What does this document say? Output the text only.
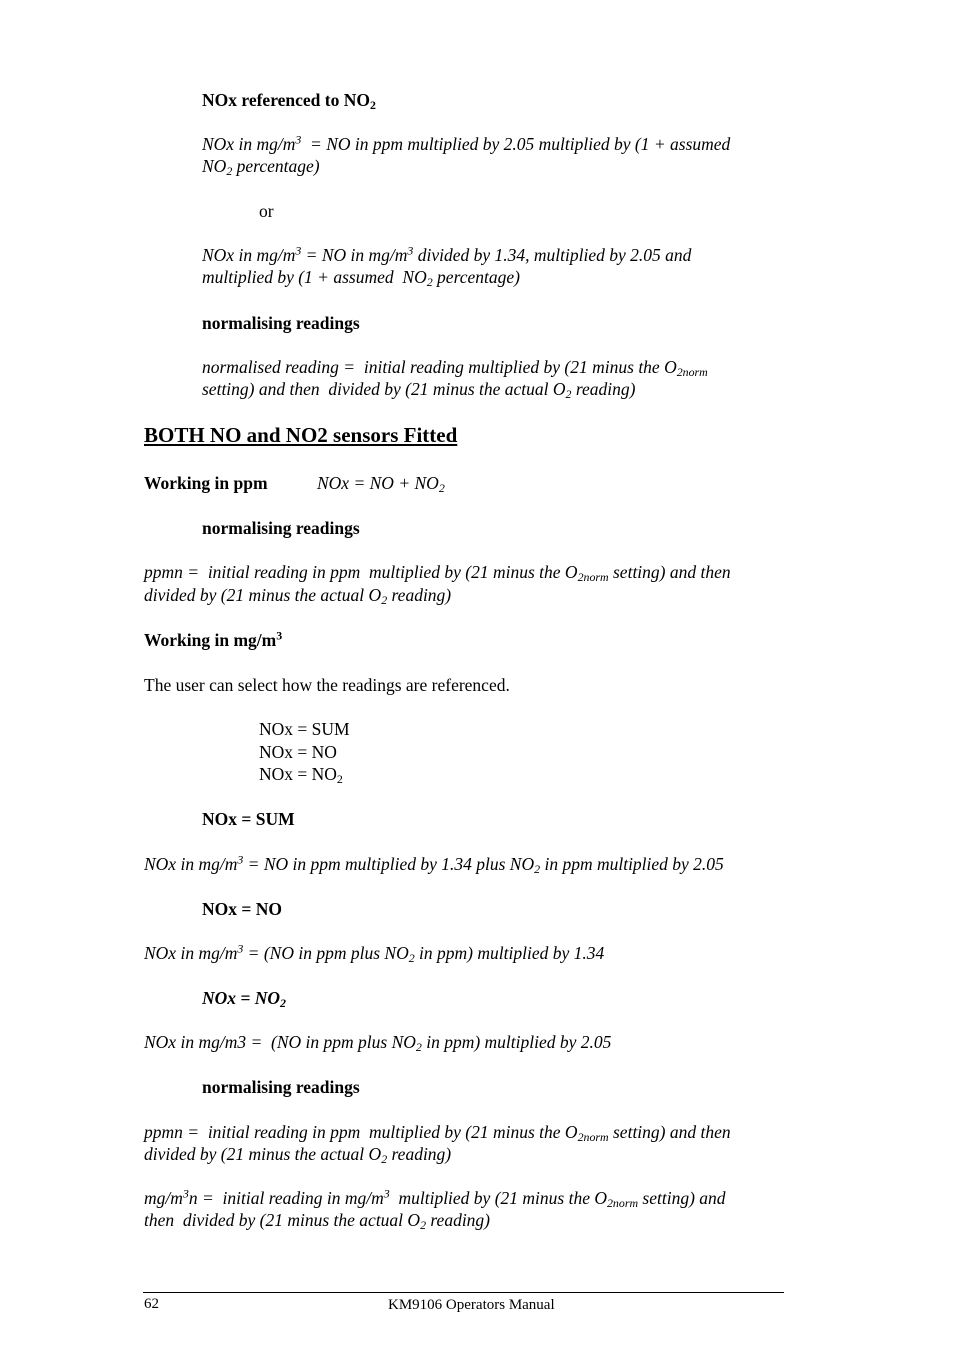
NOx referenced to $NO_2$
NOx in $mg/m^3$  = NO in ppm multiplied by 2.05 multiplied by (1 + assumed
$NO_2$ percentage)
or
NOx in $mg/m^3$ = NO in $mg/m^3$ divided by 1.34, multiplied by 2.05 and
multiplied by (1 + assumed  $NO_2$ percentage)
normalising readings
normalised reading =  initial reading multiplied by (21 minus the $O_{2norm}$
setting) and then  divided by (21 minus the actual $O_2$ reading)
BOTH NO and NO2 sensors Fitted
Working in ppm	NOx = NO + $NO_2$
normalising readings
ppmn =  initial reading in ppm  multiplied by (21 minus the $O_{2norm}$ setting) and then
divided by (21 minus the actual $O_2$ reading)
Working in $mg/m^3$
The user can select how the readings are referenced.
NOx = SUM
NOx = NO
NOx = $NO_2$
NOx = SUM
NOx in $mg/m^3$ = NO in ppm multiplied by 1.34 plus $NO_2$ in ppm multiplied by 2.05
NOx = NO
NOx in $mg/m^3 = (NO$ in ppm plus $NO_2$ in ppm) multiplied by 1.34
NOx = $NO_2$
NOx in mg/m3 =  (NO in ppm plus $NO_2$ in ppm) multiplied by 2.05
normalising readings
ppmn =  initial reading in ppm  multiplied by (21 minus the $O_{2norm}$ setting) and then
divided by (21 minus the actual $O_2$ reading)
$mg/m^3n$ =  initial reading in $mg/m^3$  multiplied by (21 minus the $O_{2norm}$ setting) and
then  divided by (21 minus the actual $O_2$ reading)
62	KM9106 Operators Manual
